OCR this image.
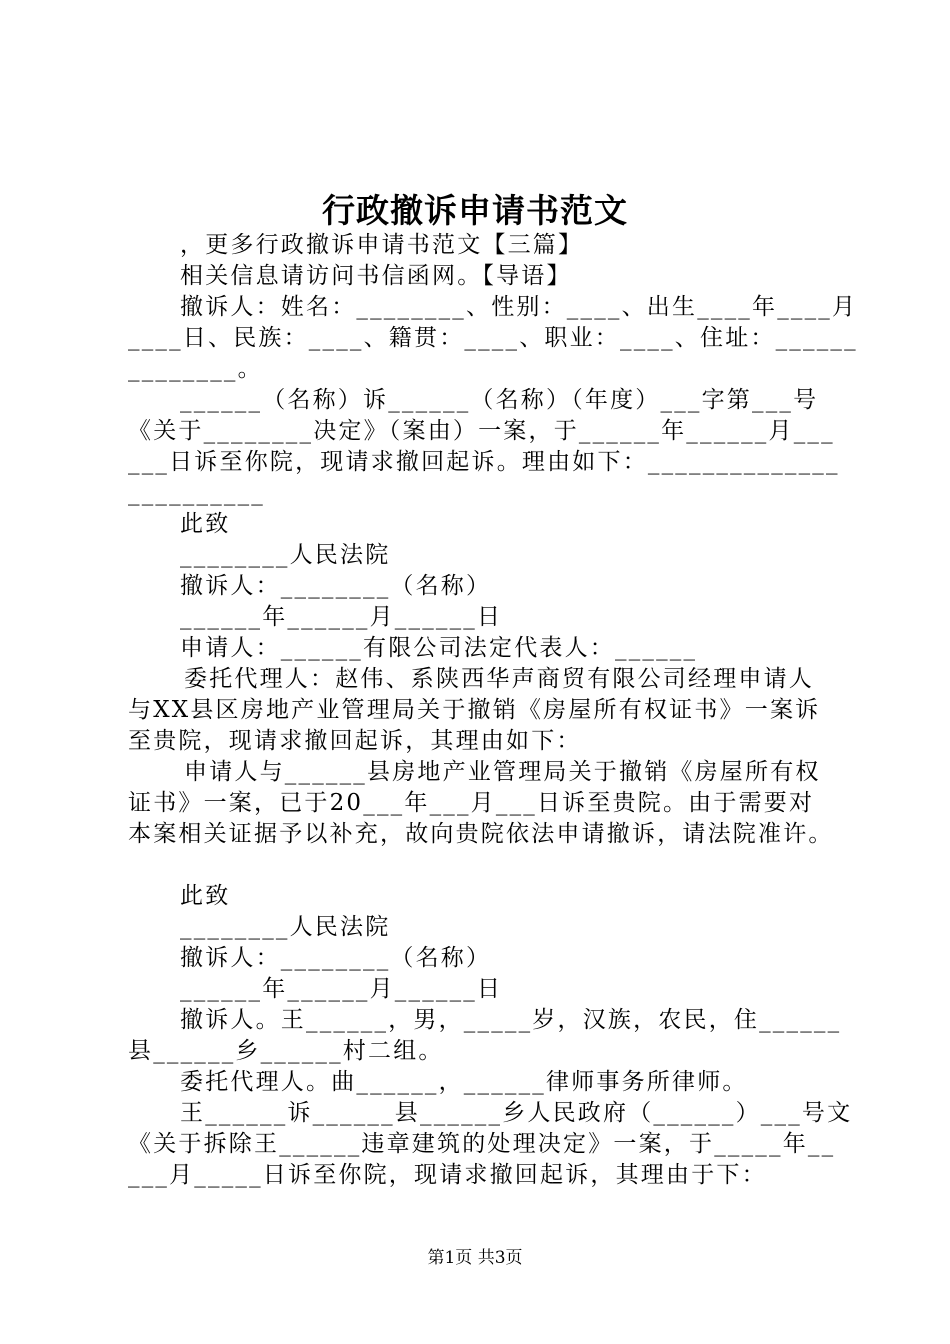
行政撤诉申请书范文
，更多行政撤诉申请书范文【三篇】
相关信息请访问书信函网。【导语】
撤诉人：姓名：________、性别：____、出生____年____月
____日、民族：____、籍贯：____、职业：____、住址：______
________。
______（名称）诉______（名称）（年度）___字第___号
《关于________决定》（案由）一案，于______年______月___
___日诉至你院，现请求撤回起诉。理由如下：______________
__________
此致
________人民法院
撤诉人：________（名称）
______年______月______日
申请人：______有限公司法定代表人：______
委托代理人：赵伟、系陕西华声商贸有限公司经理申请人
与XX县区房地产业管理局关于撤销《房屋所有权证书》一案诉
至贵院，现请求撤回起诉，其理由如下：
申请人与______县房地产业管理局关于撤销《房屋所有权
证书》一案，已于20___年___月___日诉至贵院。由于需要对
本案相关证据予以补充，故向贵院依法申请撤诉，请法院准许。
此致
________人民法院
撤诉人：________（名称）
______年______月______日
撤诉人。王______，男，_____岁，汉族，农民，住______
县______乡______村二组。
委托代理人。曲______，______律师事务所律师。
王______诉______县______乡人民政府（______）___号文
《关于拆除王______违章建筑的处理决定》一案，于_____年__
___月_____日诉至你院，现请求撤回起诉，其理由于下：
第1页 共3页
